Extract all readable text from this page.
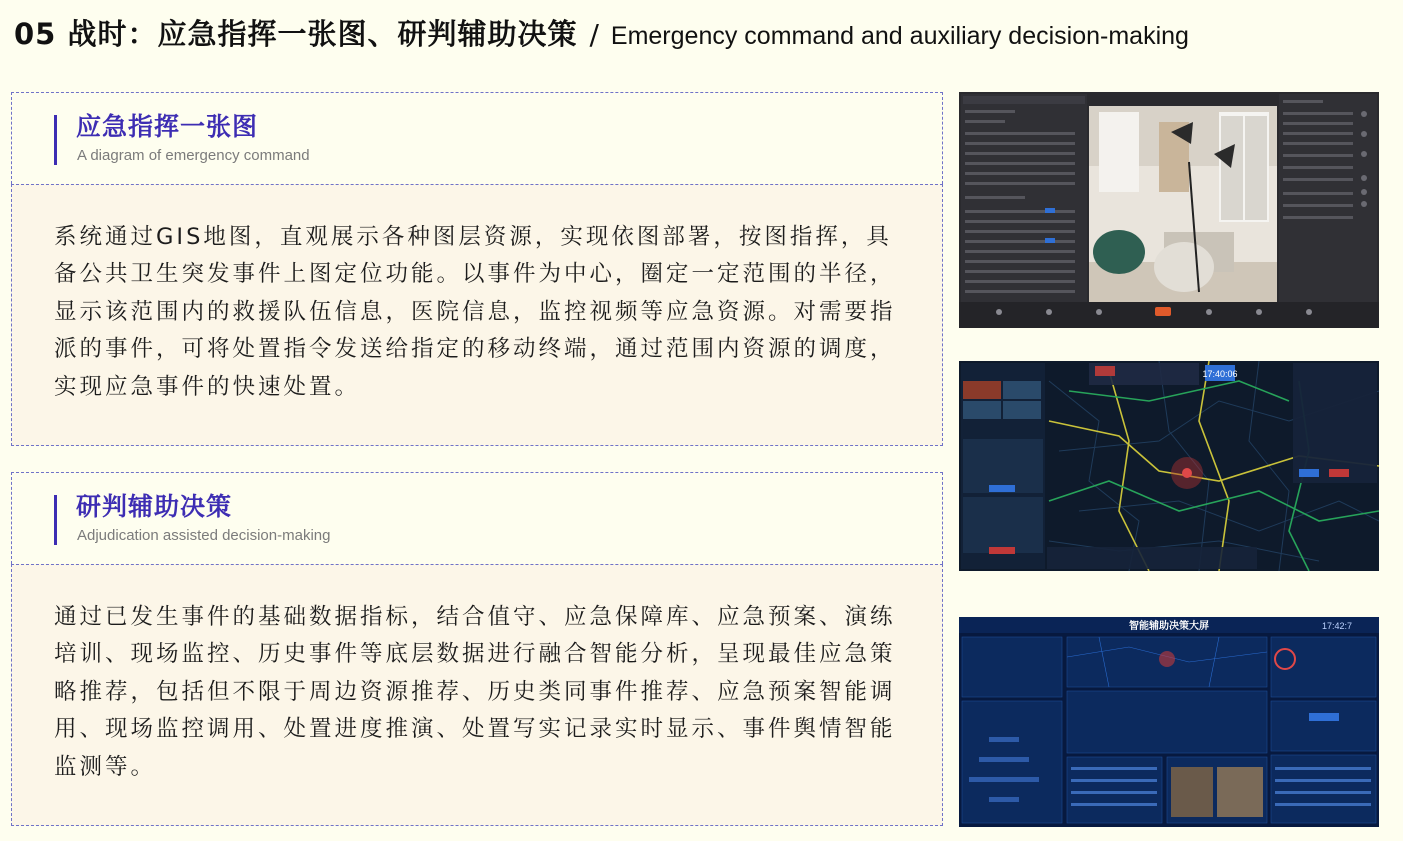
05 战时：应急指挥一张图、研判辅助决策 / Emergency command and auxiliary decision-making
应急指挥一张图
A diagram of emergency command

系统通过GIS地图，直观展示各种图层资源，实现依图部署，按图指挥，具备公共卫生突发事件上图定位功能。以事件为中心，圈定一定范围的半径，显示该范围内的救援队伍信息，医院信息，监控视频等应急资源。对需要指派的事件，可将处置指令发送给指定的移动终端，通过范围内资源的调度，实现应急事件的快速处置。

研判辅助决策
Adjudication assisted decision-making

通过已发生事件的基础数据指标，结合值守、应急保障库、应急预案、演练培训、现场监控、历史事件等底层数据进行融合智能分析，呈现最佳应急策略推荐，包括但不限于周边资源推荐、历史类同事件推荐、应急预案智能调用、现场监控调用、处置进度推演、处置写实记录实时显示、事件舆情智能监测等。

17:40:06
智能辅助决策大屏	17:42:7
